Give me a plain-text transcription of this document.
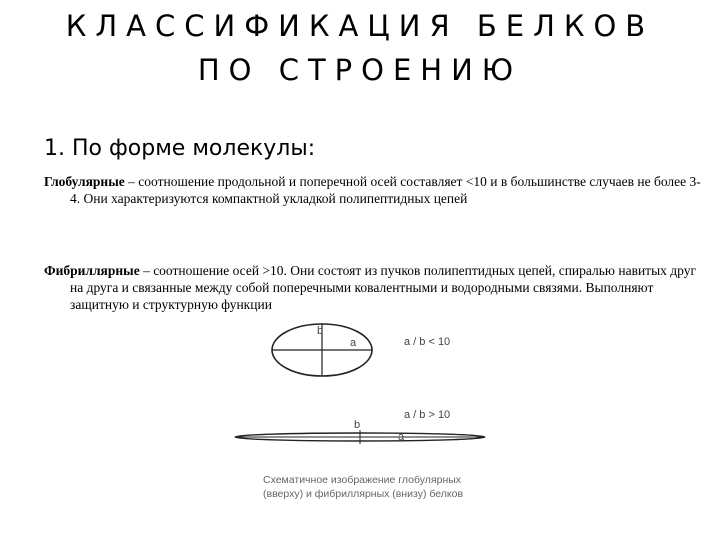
КЛАССИФИКАЦИЯ БЕЛКОВ
ПО СТРОЕНИЮ
1. По форме молекулы:
Глобулярные – соотношение продольной и поперечной осей составляет <10 и в большинстве случаев не более 3-4. Они характеризуются компактной укладкой полипептидных цепей
Фибриллярные – соотношение осей >10. Они состоят из пучков полипептидных цепей, спиралью навитых друг на друга и связанные между собой поперечными ковалентными и водородными связями. Выполняют защитную и структурную функции
b
a	a / b < 10
a / b > 10
b
a
Схематичное изображение глобулярных
(вверху) и фибриллярных (внизу) белков
